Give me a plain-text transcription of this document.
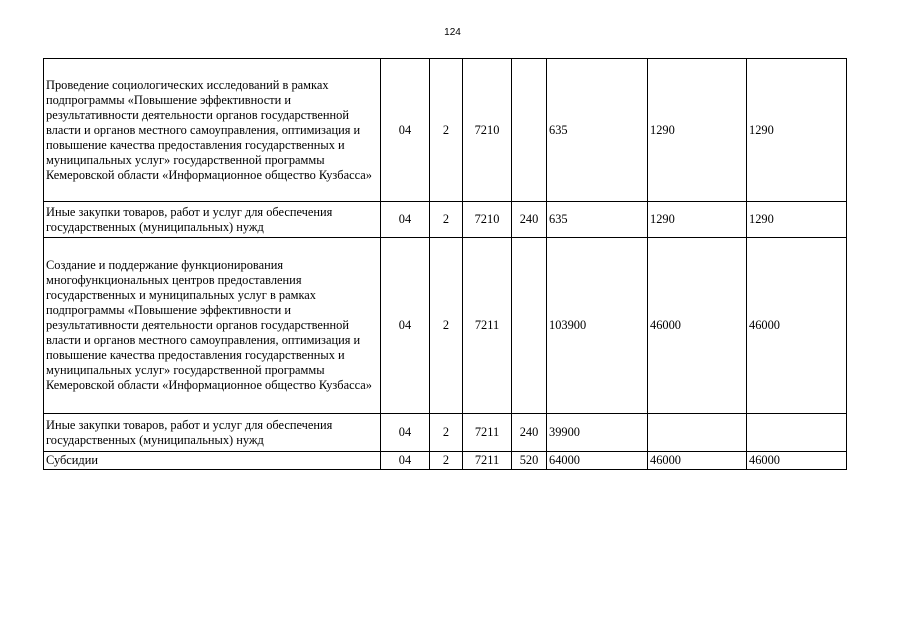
124
Проведение социологических исследований в рамках подпрограммы «Повышение эффективности и результативности деятельности органов государственной власти и органов местного самоуправления, оптимизация и повышение качества предоставления государственных и муниципальных услуг» государственной программы Кемеровской области «Информационное общество Кузбасса»	04	2	7210		635	1290	1290
Иные закупки товаров, работ и услуг для обеспечения государственных (муниципальных) нужд	04	2	7210	240	635	1290	1290
Создание и поддержание функционирования многофункциональных центров предоставления государственных и муниципальных услуг в рамках подпрограммы «Повышение эффективности и результативности деятельности органов государственной власти и органов местного самоуправления, оптимизация и повышение качества предоставления государственных и муниципальных услуг» государственной программы Кемеровской области «Информационное общество Кузбасса»	04	2	7211		103900	46000	46000
Иные закупки товаров, работ и услуг для обеспечения государственных (муниципальных) нужд	04	2	7211	240	39900		
Субсидии	04	2	7211	520	64000	46000	46000
